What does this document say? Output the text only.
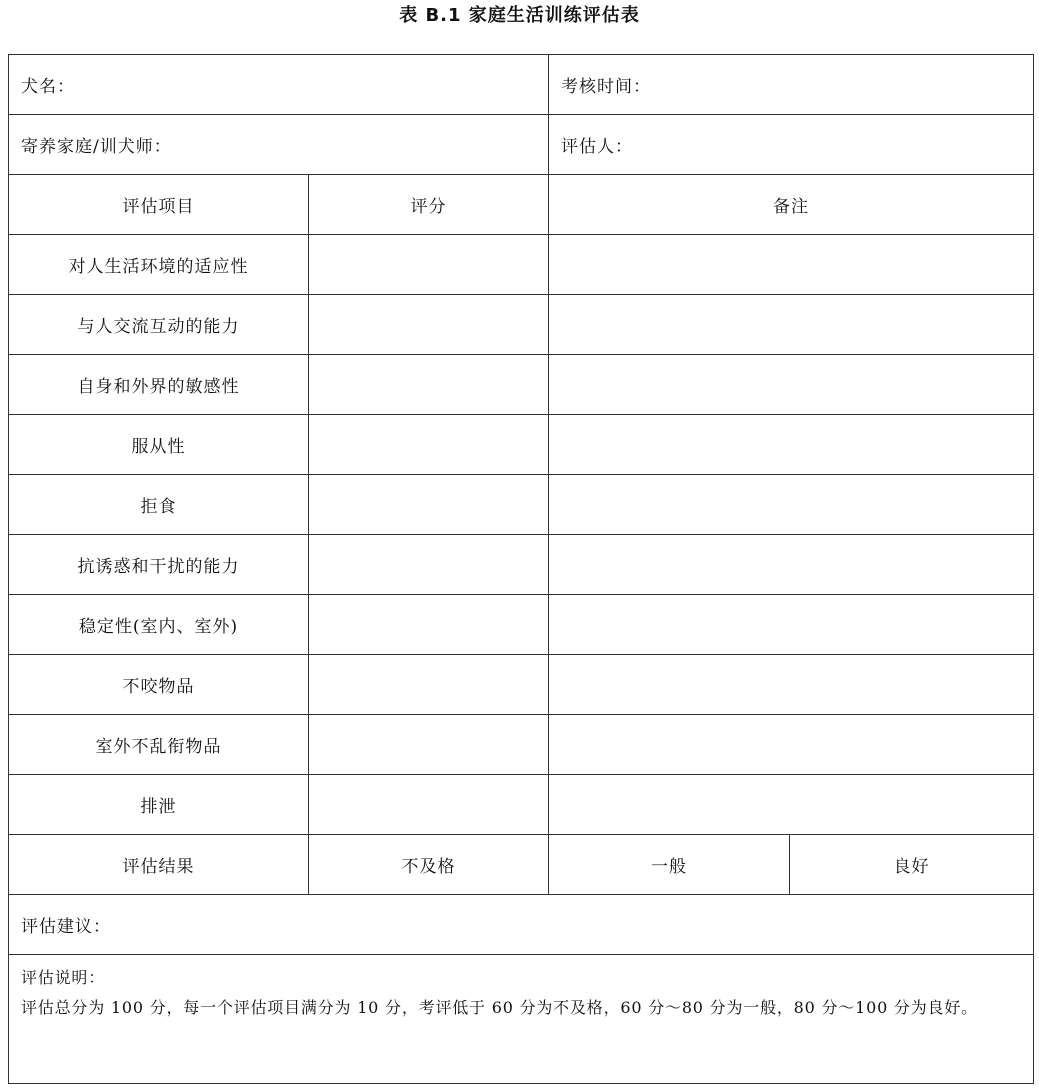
表 B.1 家庭生活训练评估表
犬名：		考核时间：	
寄养家庭/训犬师：		评估人：	
评估项目	评分	备注	
对人生活环境的适应性			
与人交流互动的能力			
自身和外界的敏感性			
服从性			
拒食			
抗诱惑和干扰的能力			
稳定性(室内、室外)			
不咬物品			
室外不乱衔物品			
排泄			
评估结果	不及格	一般	良好
评估建议：			

评估说明：
评估总分为 100 分，每一个评估项目满分为 10 分，考评低于 60 分为不及格，60 分～80 分为一般，80 分～100 分为良好。			
